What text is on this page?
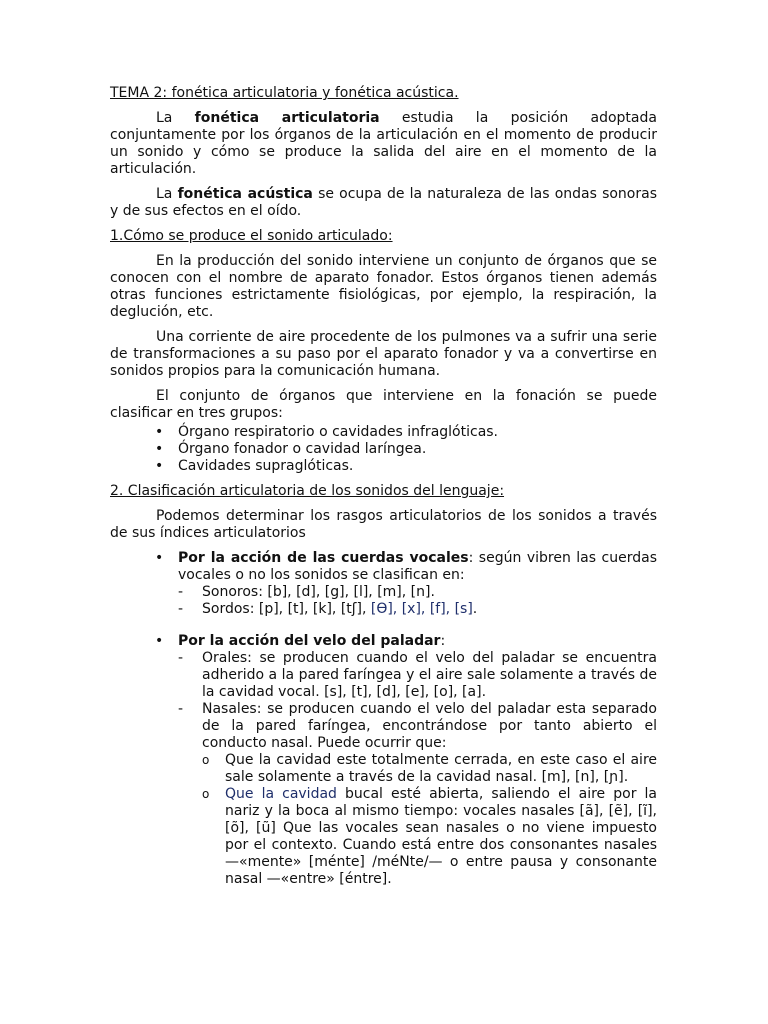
TEMA 2: fonética articulatoria y fonética acústica.

La fonética articulatoria estudia la posición adoptada conjuntamente por los órganos de la articulación en el momento de producir un sonido y cómo se produce la salida del aire en el momento de la articulación.

La fonética acústica se ocupa de la naturaleza de las ondas sonoras y de sus efectos en el oído.

1.Cómo se produce el sonido articulado:

En la producción del sonido interviene un conjunto de órganos que se conocen con el nombre de aparato fonador. Estos órganos tienen además otras funciones estrictamente fisiológicas, por ejemplo, la respiración, la deglución, etc.

Una corriente de aire procedente de los pulmones va a sufrir una serie de transformaciones a su paso por el aparato fonador y va a convertirse en sonidos propios para la comunicación humana.

El conjunto de órganos que interviene en la fonación se puede clasificar en tres grupos:

• Órgano respiratorio o cavidades infraglóticas.
• Órgano fonador o cavidad laríngea.
• Cavidades supraglóticas.
2. Clasificación articulatoria de los sonidos del lenguaje:

Podemos determinar los rasgos articulatorios de los sonidos a través de sus índices articulatorios

• Por la acción de las cuerdas vocales: según vibren las cuerdas vocales o no los sonidos se clasifican en:
- Sonoros: [b], [d], [g], [l], [m], [n].
- Sordos: [p], [t], [k], [tʃ], [Ѳ], [x], [f], [s].
• Por la acción del velo del paladar:
- Orales: se producen cuando el velo del paladar se encuentra adherido a la pared faríngea y el aire sale solamente a través de la cavidad vocal. [s], [t], [d], [e], [o], [a].
- Nasales: se producen cuando el velo del paladar esta separado de la pared faríngea, encontrándose por tanto abierto el conducto nasal. Puede ocurrir que:
o Que la cavidad este totalmente cerrada, en este caso el aire sale solamente a través de la cavidad nasal. [m], [n], [ɲ].
o Que la cavidad bucal esté abierta, saliendo el aire por la nariz y la boca al mismo tiempo: vocales nasales [ã], [ẽ], [ĩ], [õ], [ũ] Que las vocales sean nasales o no viene impuesto por el contexto. Cuando está entre dos consonantes nasales —«mente» [ménte] /méNte/— o entre pausa y consonante nasal —«entre» [éntre].
